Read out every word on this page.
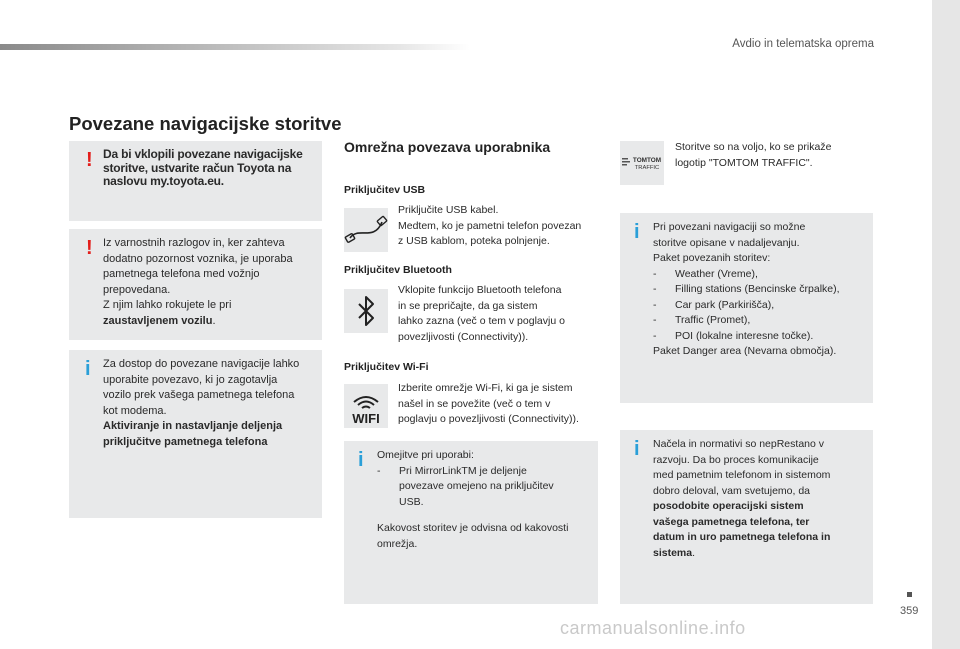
Avdio in telematska oprema
Povezane navigacijske storitve
! Da bi vklopili povezane navigacijske storitve, ustvarite račun Toyota na naslovu my.toyota.eu.
! Iz varnostnih razlogov in, ker zahteva
dodatno pozornost voznika, je uporaba
pametnega telefona med vožnjo
prepovedana.
Z njim lahko rokujete le pri
zaustavljenem vozilu.
i Za dostop do povezane navigacije lahko
uporabite povezavo, ki jo zagotavlja
vozilo prek vašega pametnega telefona
kot modema.
Aktiviranje in nastavljanje deljenja
priključitve pametnega telefona
Omrežna povezava uporabnika
Priključitev USB
Priključite USB kabel.
Medtem, ko je pametni telefon povezan
z USB kablom, poteka polnjenje.
Priključitev Bluetooth
Vklopite funkcijo Bluetooth telefona
in se prepričajte, da ga sistem
lahko zazna (več o tem v poglavju o
povezljivosti (Connectivity)).
Priključitev Wi-Fi
WIFI
Izberite omrežje Wi-Fi, ki ga je sistem
našel in se povežite (več o tem v
poglavju o povezljivosti (Connectivity)).
i Omejitve pri uporabi:
- Pri MirrorLinkTM je deljenje povezave omejeno na priključitev USB.
Kakovost storitev je odvisna od kakovosti
omrežja.
TOMTOM
TRAFFIC
Storitve so na voljo, ko se prikaže
logotip "TOMTOM TRAFFIC".
i Pri povezani navigaciji so možne
storitve opisane v nadaljevanju.
Paket povezanih storitev:
- Weather (Vreme),
- Filling stations (Bencinske črpalke),
- Car park (Parkirišča),
- Traffic (Promet),
- POI (lokalne interesne točke).
Paket Danger area (Nevarna območja).
i Načela in normativi so nepRestano v
razvoju. Da bo proces komunikacije
med pametnim telefonom in sistemom
dobro deloval, vam svetujemo, da
posodobite operacijski sistem
vašega pametnega telefona, ter
datum in uro pametnega telefona in
sistema.
359
carmanualsonline.info
